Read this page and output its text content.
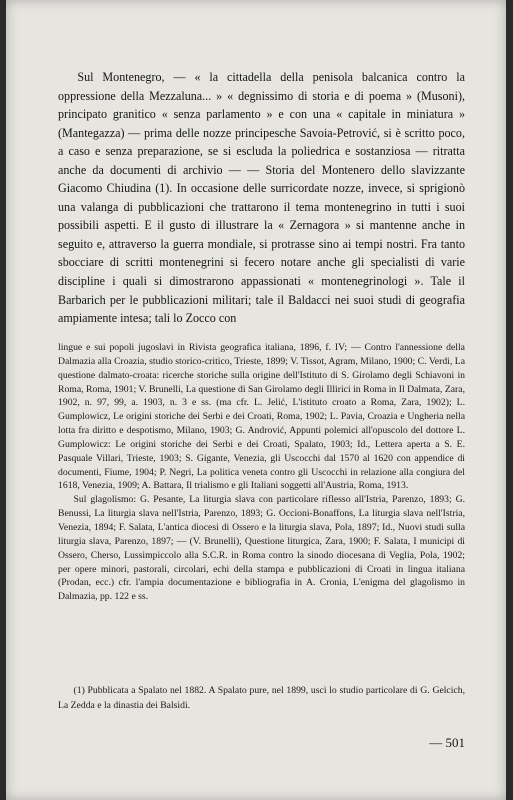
Sul Montenegro, — « la cittadella della penisola balcanica contro la oppressione della Mezzaluna... » « degnissimo di storia e di poema » (Musoni), principato granitico « senza parlamento » e con una « capitale in miniatura » (Mantegazza) — prima delle nozze principesche Savoia-Petrović, si è scritto poco, a caso e senza preparazione, se si escluda la poliedrica e sostanziosa — ritratta anche da documenti di archivio — — Storia del Montenero dello slavizzante Giacomo Chiudina (1). In occasione delle surricordate nozze, invece, si sprigionò una valanga di pubblicazioni che trattarono il tema montenegrino in tutti i suoi possibili aspetti. E il gusto di illustrare la « Zernagora » si mantenne anche in seguito e, attraverso la guerra mondiale, si protrasse sino ai tempi nostri. Fra tanto sbocciare di scritti montenegrini si fecero notare anche gli specialisti di varie discipline i quali si dimostrarono appassionati « montenegrinologi ». Tale il Barbarich per le pubblicazioni militari; tale il Baldacci nei suoi studi di geografia ampiamente intesa; tali lo Zocco con

lingue e sui popoli jugoslavi in Rivista geografica italiana, 1896, f. IV; — Contro l'annessione della Dalmazia alla Croazia, studio storico-critico, Trieste, 1899; V. Tissot, Agram, Milano, 1900; C. Verdi, La questione dalmato-croata: ricerche storiche sulla origine dell'Istituto di S. Girolamo degli Schiavoni in Roma, Roma, 1901; V. Brunelli, La questione di San Girolamo degli Illirici in Roma in Il Dalmata, Zara, 1902, n. 97, 99, a. 1903, n. 3 e ss. (ma cfr. L. Jelić, L'istituto croato a Roma, Zara, 1902); L. Gumplowicz, Le origini storiche dei Serbi e dei Croati, Roma, 1902; L. Pavia, Croazia e Ungheria nella lotta fra diritto e despotismo, Milano, 1903; G. Andrović, Appunti polemici all'opuscolo del dottore L. Gumplowicz: Le origini storiche dei Serbi e dei Croati, Spalato, 1903; Id., Lettera aperta a S. E. Pasquale Villari, Trieste, 1903; S. Gigante, Venezia, gli Uscocchi dal 1570 al 1620 con appendice di documenti, Fiume, 1904; P. Negri, La politica veneta contro gli Uscocchi in relazione alla congiura del 1618, Venezia, 1909; A. Battara, Il trialismo e gli Italiani soggetti all'Austria, Roma, 1913.

Sul glagolismo: G. Pesante, La liturgia slava con particolare riflesso all'Istria, Parenzo, 1893; G. Benussi, La liturgia slava nell'Istria, Parenzo, 1893; G. Occioni-Bonaffons, La liturgia slava nell'Istria, Venezia, 1894; F. Salata, L'antica diocesi di Ossero e la liturgia slava, Pola, 1897; Id., Nuovi studi sulla liturgia slava, Parenzo, 1897; — (V. Brunelli), Questione liturgica, Zara, 1900; F. Salata, I municipi di Ossero, Cherso, Lussimpiccolo alla S.C.R. in Roma contro la sinodo diocesana di Veglia, Pola, 1902; per opere minori, pastorali, circolari, echi della stampa e pubblicazioni di Croati in lingua italiana (Prodan, ecc.) cfr. l'ampia documentazione e bibliografia in A. Cronia, L'enigma del glagolismo in Dalmazia, pp. 122 e ss.

(1) Pubblicata a Spalato nel 1882. A Spalato pure, nel 1899, uscì lo studio particolare di G. Gelcich, La Zedda e la dinastia dei Balsidi.

— 501
